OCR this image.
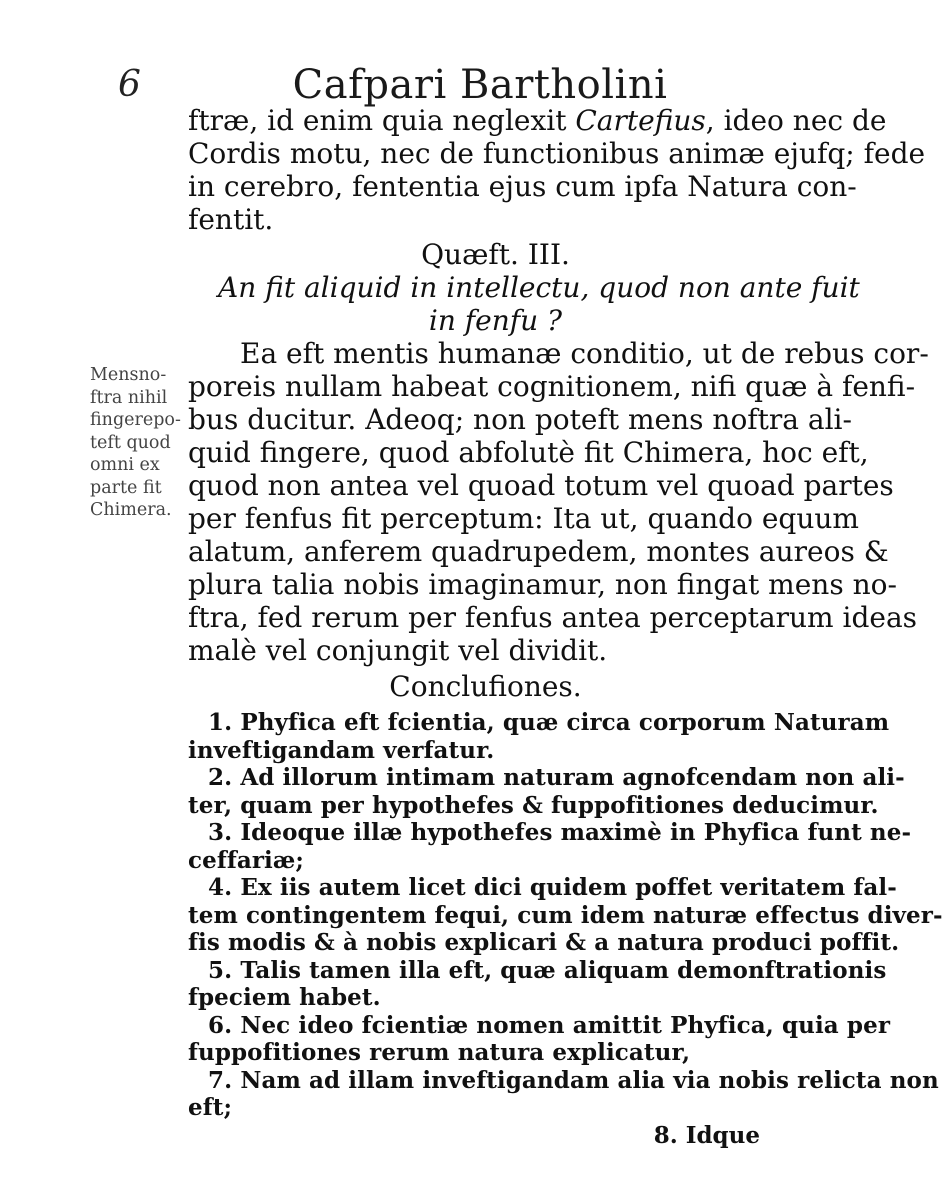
6	Cafpari Bartholini
Mensno-
ftra nihil
fingerepo-
teft quod
omni ex
parte fit
Chimera.
ftræ, id enim quia neglexit Cartefius, ideo nec de
Cordis motu, nec de functionibus animæ ejufq; fede
in cerebro, fententia ejus cum ipfa Natura con-
fentit.
Quæft. III.
An fit aliquid in intellectu, quod non ante fuit
in fenfu ?
Ea eft mentis humanæ conditio, ut de rebus cor-
poreis nullam habeat cognitionem, nifi quæ à fenfi-
bus ducitur. Adeoq; non poteft mens noftra ali-
quid fingere, quod abfolutè fit Chimera, hoc eft,
quod non antea vel quoad totum vel quoad partes
per fenfus fit perceptum: Ita ut, quando equum
alatum, anferem quadrupedem, montes aureos &
plura talia nobis imaginamur, non fingat mens no-
ftra, fed rerum per fenfus antea perceptarum ideas
malè vel conjungit vel dividit.
Conclufiones.
1. Phyfica eft fcientia, quæ circa corporum Naturam
inveftigandam verfatur.
2. Ad illorum intimam naturam agnofcendam non ali-
ter, quam per hypothefes & fuppofitiones deducimur.
3. Ideoque illæ hypothefes maximè in Phyfica funt ne-
ceffariæ;
4. Ex iis autem licet dici quidem poffet veritatem fal-
tem contingentem fequi, cum idem naturæ effectus diver-
fis modis & à nobis explicari & a natura produci poffit.
5. Talis tamen illa eft, quæ aliquam demonftrationis
fpeciem habet.
6. Nec ideo fcientiæ nomen amittit Phyfica, quia per
fuppofitiones rerum natura explicatur,
7. Nam ad illam inveftigandam alia via nobis relicta non
eft;
8. Idque
